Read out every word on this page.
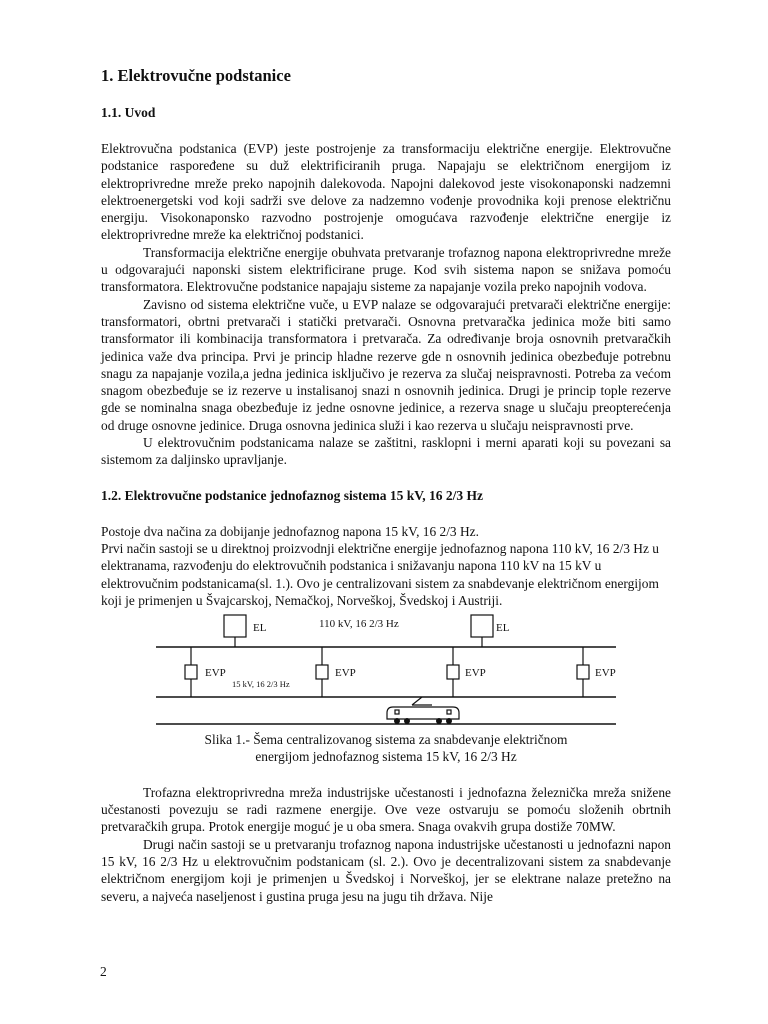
1. Elektrovučne podstanice
1.1. Uvod

Elektrovučna podstanica (EVP) jeste postrojenje za transformaciju električne energije. Elektrovučne podstanice raspoređene su duž elektrificiranih pruga. Napajaju se električnom energijom iz elektroprivredne mreže preko napojnih dalekovoda. Napojni dalekovod jeste visokonaponski nadzemni elektroenergetski vod koji sadrži sve delove za nadzemno vođenje provodnika koji prenose električnu energiju. Visokonaponsko razvodno postrojenje omogućava razvođenje električne energije iz elektroprivredne mreže ka električnoj podstanici.

Transformacija električne energije obuhvata pretvaranje trofaznog napona elektroprivredne mreže u odgovarajući naponski sistem elektrificirane pruge. Kod svih sistema napon se snižava pomoću transformatora. Elektrovučne podstanice napajaju sisteme za napajanje vozila preko napojnih vodova.

Zavisno od sistema električne vuče, u EVP nalaze se odgovarajući pretvarači električne energije: transformatori, obrtni pretvarači i statički pretvarači. Osnovna pretvaračka jedinica može biti samo transformator ili kombinacija transformatora i pretvarača. Za određivanje broja osnovnih pretvaračkih jedinica važe dva principa. Prvi je princip hladne rezerve gde n osnovnih jedinica obezbeđuje potrebnu snagu za napajanje vozila,a jedna jedinica isključivo je rezerva za slučaj neispravnosti. Potreba za većom snagom obezbeđuje se iz rezerve u instalisanoj snazi n osnovnih jedinica. Drugi je princip tople rezerve gde se nominalna snaga obezbeđuje iz jedne osnovne jedinice, a rezerva snage u slučaju preopterećenja od druge osnovne jedinice. Druga osnovna jedinica služi i kao rezerva u slučaju neispravnosti prve.

U elektrovučnim podstanicama nalaze se zaštitni, rasklopni i merni aparati koji su povezani sa sistemom za daljinsko upravljanje.

1.2. Elektrovučne podstanice jednofaznog sistema 15 kV, 16 2/3 Hz

Postoje dva načina za dobijanje jednofaznog napona 15 kV, 16 2/3 Hz.

Prvi način sastoji se u direktnoj proizvodnji električne energije jednofaznog napona 110 kV, 16 2/3 Hz u elektranama, razvođenju do elektrovučnih podstanica i snižavanju napona 110 kV na 15 kV u elektrovučnim podstanicama(sl. 1.). Ovo je centralizovani sistem za snabdevanje električnom energijom koji je primenjen u Švajcarskoj, Nemačkoj, Norveškoj, Švedskoj i Austriji.

EL	EL
110 kV, 16 2/3 Hz
EVP
15 kV, 16 2/3 Hz
EVP	EVP	EVP
Slika 1.- Šema centralizovanog sistema za snabdevanje električnom
energijom jednofaznog sistema 15 kV, 16 2/3 Hz

Trofazna elektroprivredna mreža industrijske učestanosti i jednofazna železnička mreža snižene učestanosti povezuju se radi razmene energije. Ove veze ostvaruju se pomoću složenih obrtnih pretvaračkih grupa. Protok energije moguć je u oba smera. Snaga ovakvih grupa dostiže 70MW.

Drugi način sastoji se u pretvaranju trofaznog napona industrijske učestanosti u jednofazni napon 15 kV, 16 2/3 Hz u elektrovučnim podstanicam (sl. 2.). Ovo je decentralizovani sistem za snabdevanje električnom energijom koji je primenjen u Švedskoj i Norveškoj, jer se elektrane nalaze pretežno na severu, a najveća naseljenost i gustina pruga jesu na jugu tih država. Nije

2
